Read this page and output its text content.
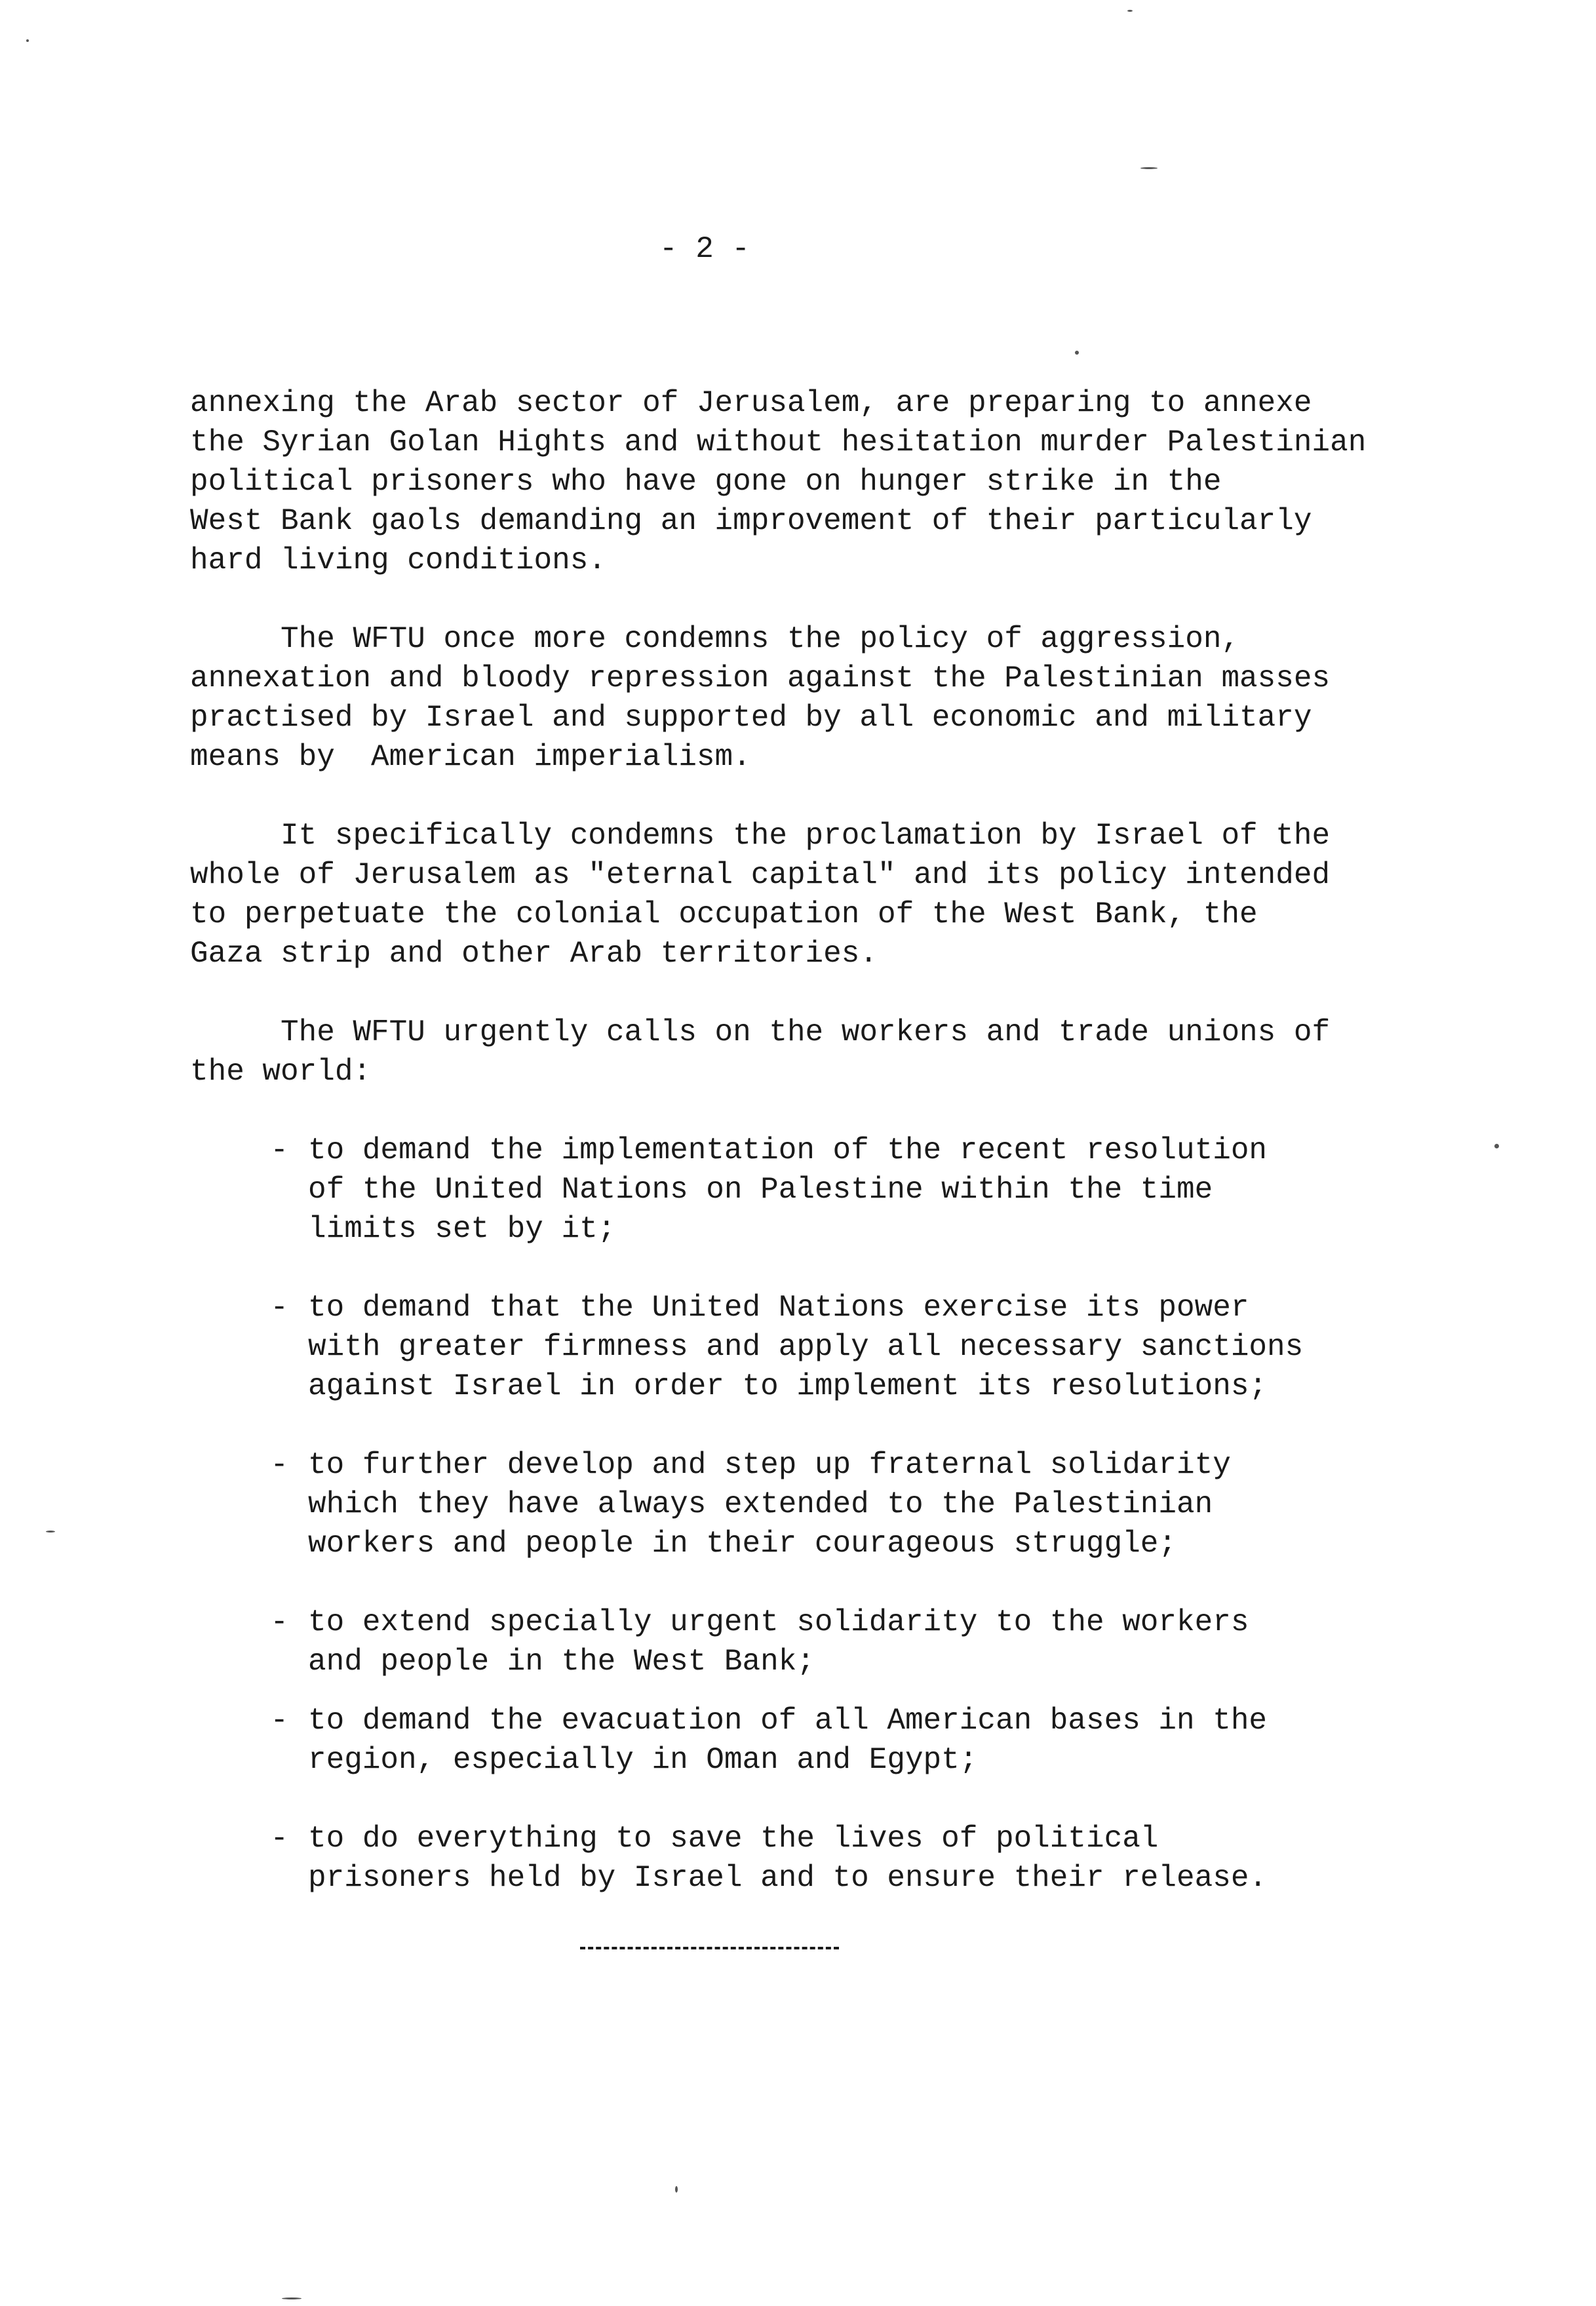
- 2 -

annexing the Arab sector of Jerusalem, are preparing to annexe
the Syrian Golan Hights and without hesitation murder Palestinian
political prisoners who have gone on hunger strike in the
West Bank gaols demanding an improvement of their particularly
hard living conditions.

The WFTU once more condemns the policy of aggression,
annexation and bloody repression against the Palestinian masses
practised by Israel and supported by all economic and military
means by  American imperialism.

It specifically condemns the proclamation by Israel of the
whole of Jerusalem as "eternal capital" and its policy intended
to perpetuate the colonial occupation of the West Bank, the
Gaza strip and other Arab territories.

The WFTU urgently calls on the workers and trade unions of
the world:

- to demand the implementation of the recent resolution
of the United Nations on Palestine within the time
limits set by it;
- to demand that the United Nations exercise its power
with greater firmness and apply all necessary sanctions
against Israel in order to implement its resolutions;
- to further develop and step up fraternal solidarity
which they have always extended to the Palestinian
workers and people in their courageous struggle;
- to extend specially urgent solidarity to the workers
and people in the West Bank;
- to demand the evacuation of all American bases in the
region, especially in Oman and Egypt;
- to do everything to save the lives of political
prisoners held by Israel and to ensure their release.
